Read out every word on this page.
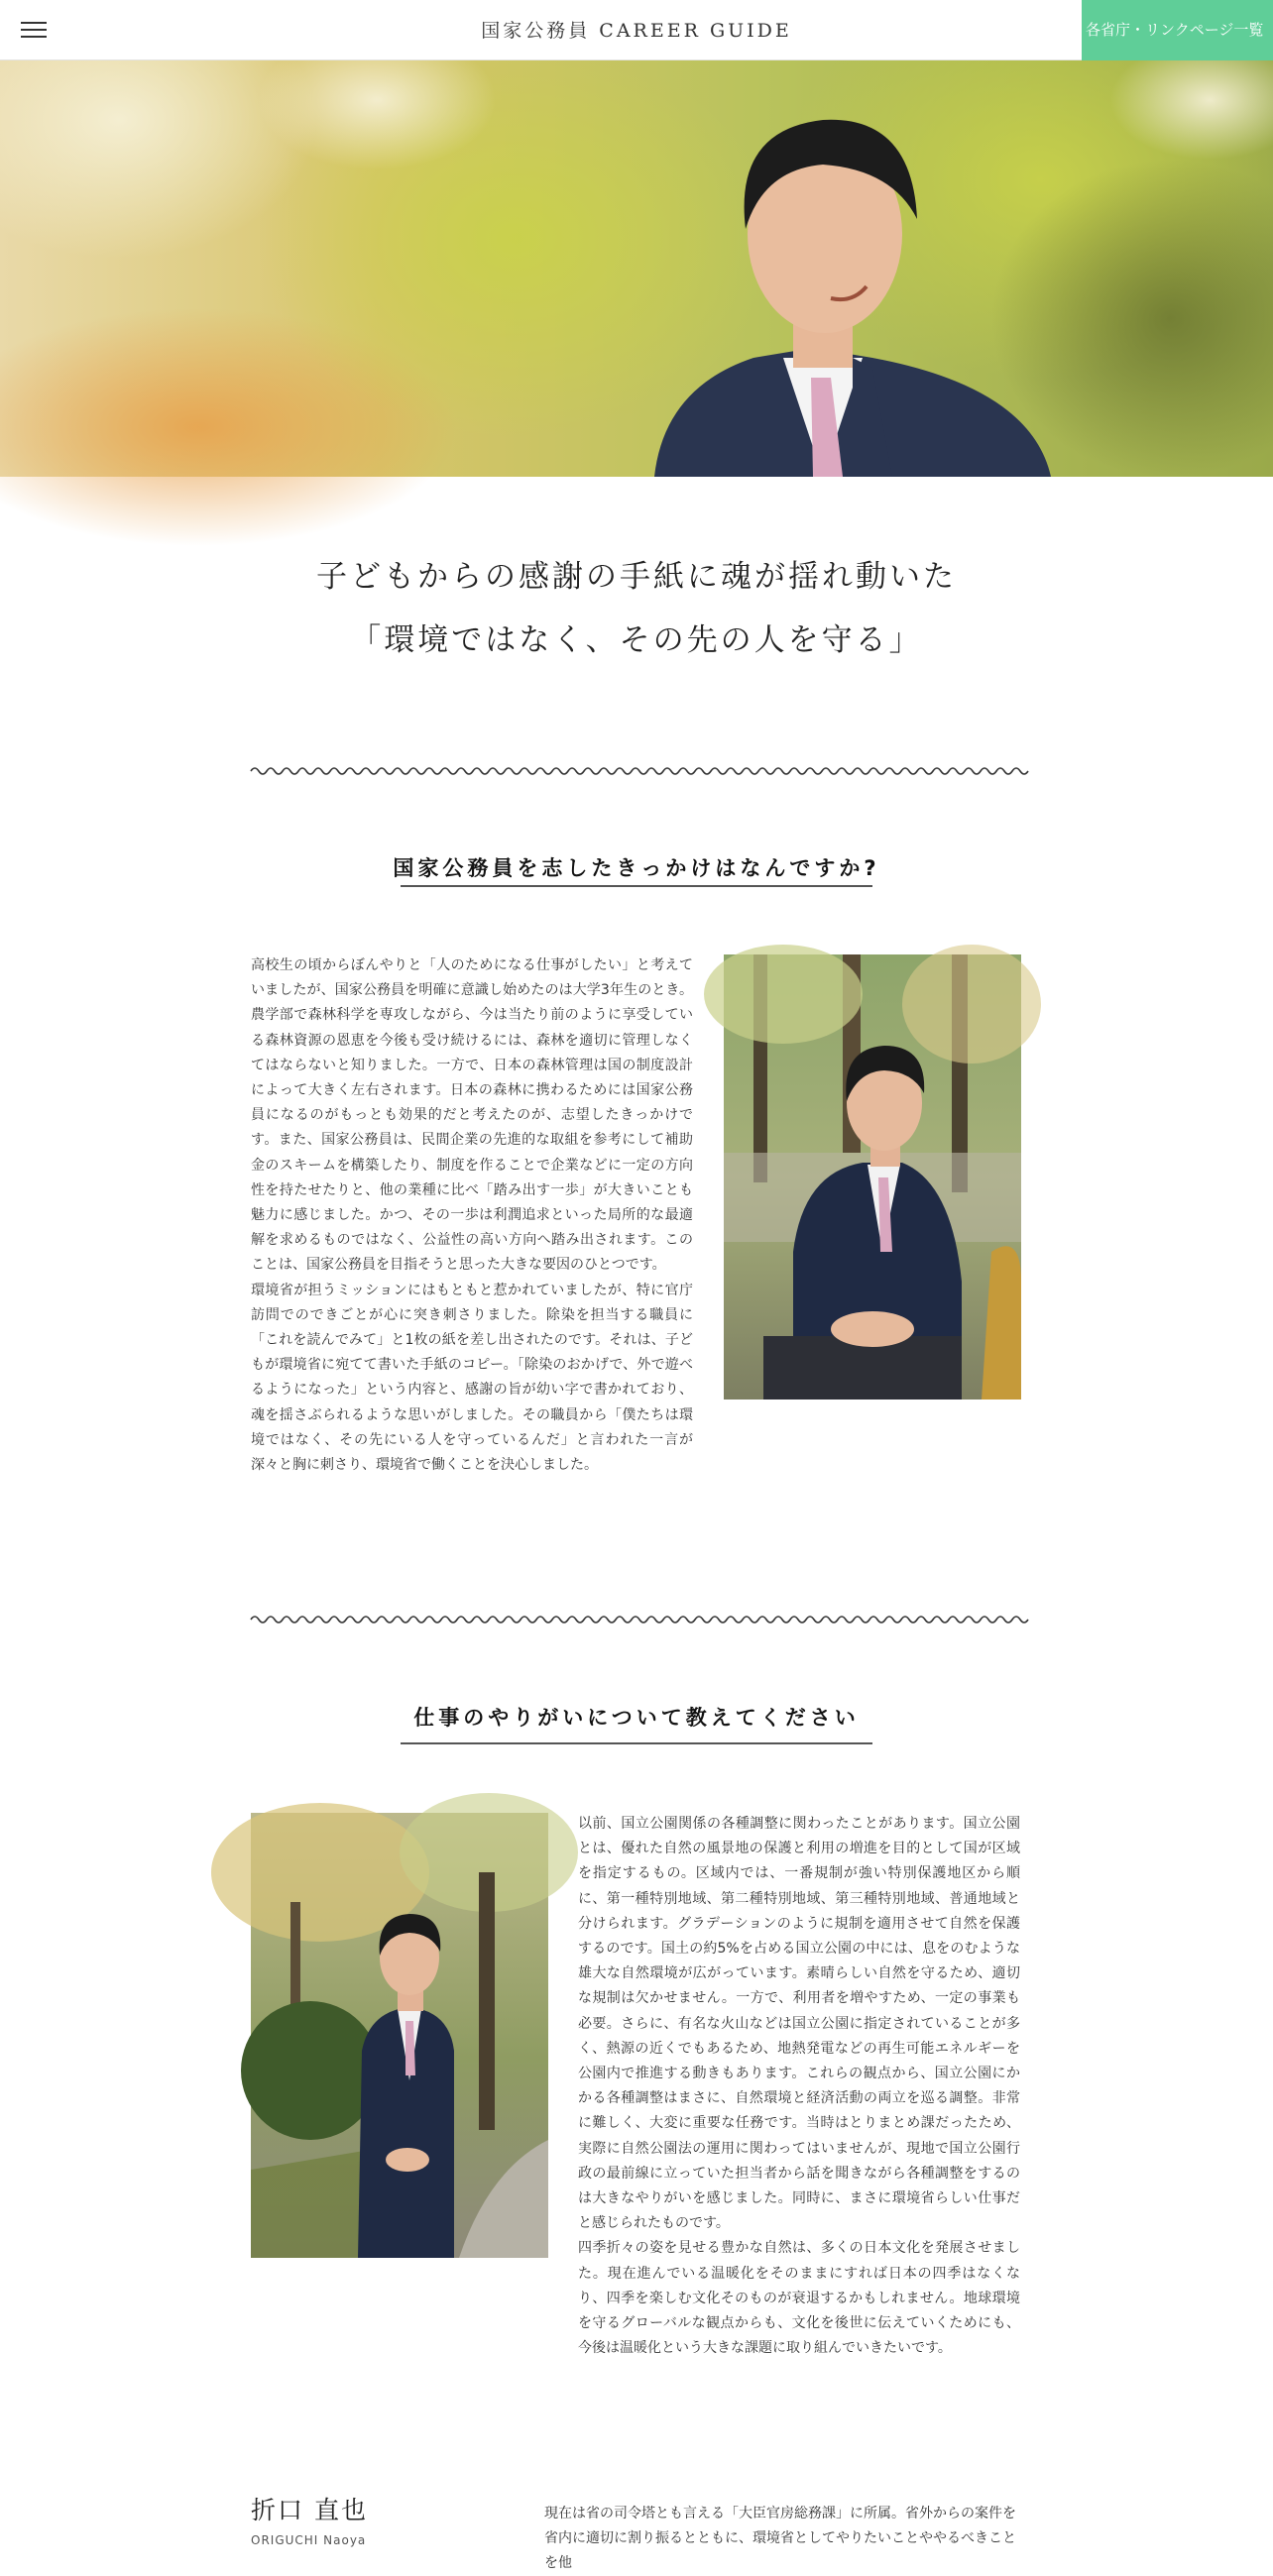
国家公務員 CAREER GUIDE	各省庁・リンクページ一覧
子どもからの感謝の手紙に魂が揺れ動いた
「環境ではなく、その先の人を守る」
国家公務員を志したきっかけはなんですか?

高校生の頃からぼんやりと「人のためになる仕事がしたい」と考えていましたが、国家公務員を明確に意識し始めたのは大学3年生のとき。農学部で森林科学を専攻しながら、今は当たり前のように享受している森林資源の恩恵を今後も受け続けるには、森林を適切に管理しなくてはならないと知りました。一方で、日本の森林管理は国の制度設計によって大きく左右されます。日本の森林に携わるためには国家公務員になるのがもっとも効果的だと考えたのが、志望したきっかけです。また、国家公務員は、民間企業の先進的な取組を参考にして補助金のスキームを構築したり、制度を作ることで企業などに一定の方向性を持たせたりと、他の業種に比べ「踏み出す一歩」が大きいことも魅力に感じました。かつ、その一歩は利潤追求といった局所的な最適解を求めるものではなく、公益性の高い方向へ踏み出されます。このことは、国家公務員を目指そうと思った大きな要因のひとつです。

環境省が担うミッションにはもともと惹かれていましたが、特に官庁訪問でのできごとが心に突き刺さりました。除染を担当する職員に「これを読んでみて」と1枚の紙を差し出されたのです。それは、子どもが環境省に宛てて書いた手紙のコピー。「除染のおかげで、外で遊べるようになった」という内容と、感謝の旨が幼い字で書かれており、魂を揺さぶられるような思いがしました。その職員から「僕たちは環境ではなく、その先にいる人を守っているんだ」と言われた一言が深々と胸に刺さり、環境省で働くことを決心しました。

仕事のやりがいについて教えてください

以前、国立公園関係の各種調整に関わったことがあります。国立公園とは、優れた自然の風景地の保護と利用の増進を目的として国が区域を指定するもの。区域内では、一番規制が強い特別保護地区から順に、第一種特別地域、第二種特別地域、第三種特別地域、普通地域と分けられます。グラデーションのように規制を適用させて自然を保護するのです。国土の約5%を占める国立公園の中には、息をのむような雄大な自然環境が広がっています。素晴らしい自然を守るため、適切な規制は欠かせません。一方で、利用者を増やすため、一定の事業も必要。さらに、有名な火山などは国立公園に指定されていることが多く、熱源の近くでもあるため、地熱発電などの再生可能エネルギーを公園内で推進する動きもあります。これらの観点から、国立公園にかかる各種調整はまさに、自然環境と経済活動の両立を巡る調整。非常に難しく、大変に重要な任務です。当時はとりまとめ課だったため、実際に自然公園法の運用に関わってはいませんが、現地で国立公園行政の最前線に立っていた担当者から話を聞きながら各種調整をするのは大きなやりがいを感じました。同時に、まさに環境省らしい仕事だと感じられたものです。

四季折々の姿を見せる豊かな自然は、多くの日本文化を発展させました。現在進んでいる温暖化をそのままにすれば日本の四季はなくなり、四季を楽しむ文化そのものが衰退するかもしれません。地球環境を守るグローバルな観点からも、文化を後世に伝えていくためにも、今後は温暖化という大きな課題に取り組んでいきたいです。

折口 直也
ORIGUCHI Naoya
現在は省の司令塔とも言える「大臣官房総務課」に所属。省外からの案件を省内に適切に割り振るとともに、環境省としてやりたいことややるべきことを他
